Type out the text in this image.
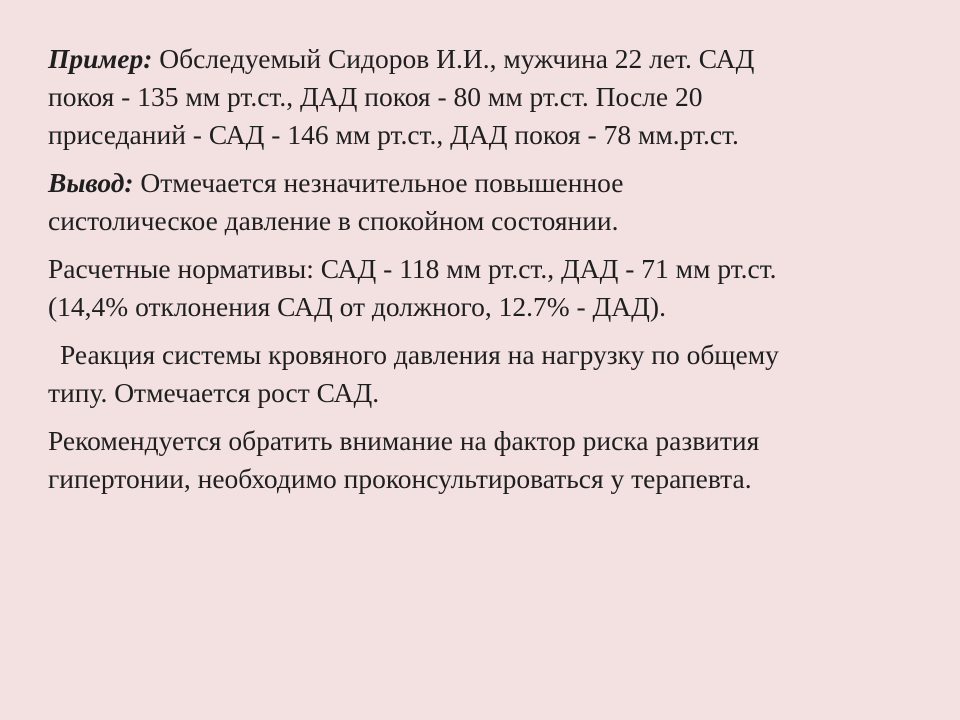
Пример: Обследуемый Сидоров И.И., мужчина 22 лет. САД
покоя - 135 мм рт.ст., ДАД покоя - 80 мм рт.ст. После 20
приседаний - САД - 146 мм рт.ст., ДАД покоя - 78 мм.рт.ст.
Вывод: Отмечается незначительное повышенное
систолическое давление в спокойном состоянии.
Расчетные нормативы: САД - 118 мм рт.ст., ДАД - 71 мм рт.ст.
(14,4% отклонения САД от должного, 12.7% - ДАД).
Реакция системы кровяного давления на нагрузку по общему
типу. Отмечается рост САД.
Рекомендуется обратить внимание на фактор риска развития
гипертонии, необходимо проконсультироваться у терапевта.
